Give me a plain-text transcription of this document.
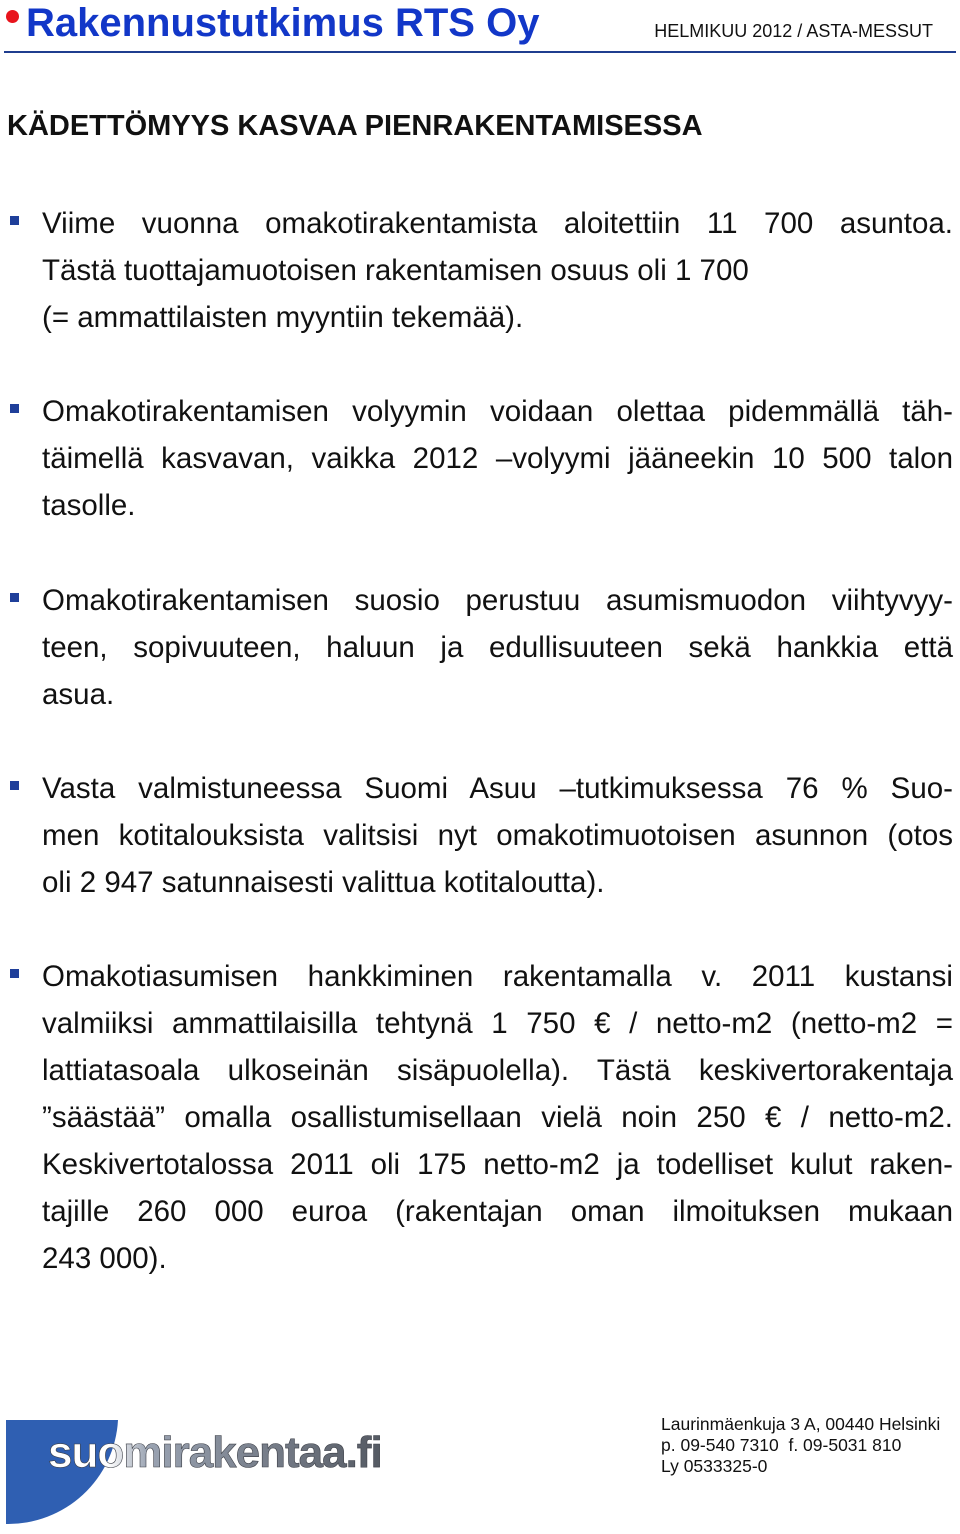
Rakennustutkimus RTS Oy	HELMIKUU 2012 / ASTA-MESSUT
KÄDETTÖMYYS KASVAA PIENRAKENTAMISESSA
Viime vuonna omakotirakentamista aloitettiin 11 700 asuntoa.
Tästä tuottajamuotoisen rakentamisen osuus oli 1 700
(= ammattilaisten myyntiin tekemää).
Omakotirakentamisen volyymin voidaan olettaa pidemmällä täh-
täimellä kasvavan, vaikka 2012 –volyymi jääneekin 10 500 talon
tasolle.
Omakotirakentamisen suosio perustuu asumismuodon viihtyvyy-
teen, sopivuuteen, haluun ja edullisuuteen sekä hankkia että
asua.
Vasta valmistuneessa Suomi Asuu –tutkimuksessa 76 % Suo-
men kotitalouksista valitsisi nyt omakotimuotoisen asunnon (otos
oli 2 947 satunnaisesti valittua kotitaloutta).
Omakotiasumisen hankkiminen rakentamalla v. 2011 kustansi
valmiiksi ammattilaisilla tehtynä 1 750 € / netto-m2 (netto-m2 =
lattiatasoala ulkoseinän sisäpuolella). Tästä keskivertorakentaja
”säästää” omalla osallistumisellaan vielä noin 250 € / netto-m2.
Keskivertotalossa 2011 oli 175 netto-m2 ja todelliset kulut raken-
tajille 260 000 euroa (rakentajan oman ilmoituksen mukaan
243 000).
suomirakentaa.fi
Laurinmäenkuja 3 A, 00440 Helsinki
p. 09-540 7310  f. 09-5031 810
Ly 0533325-0
